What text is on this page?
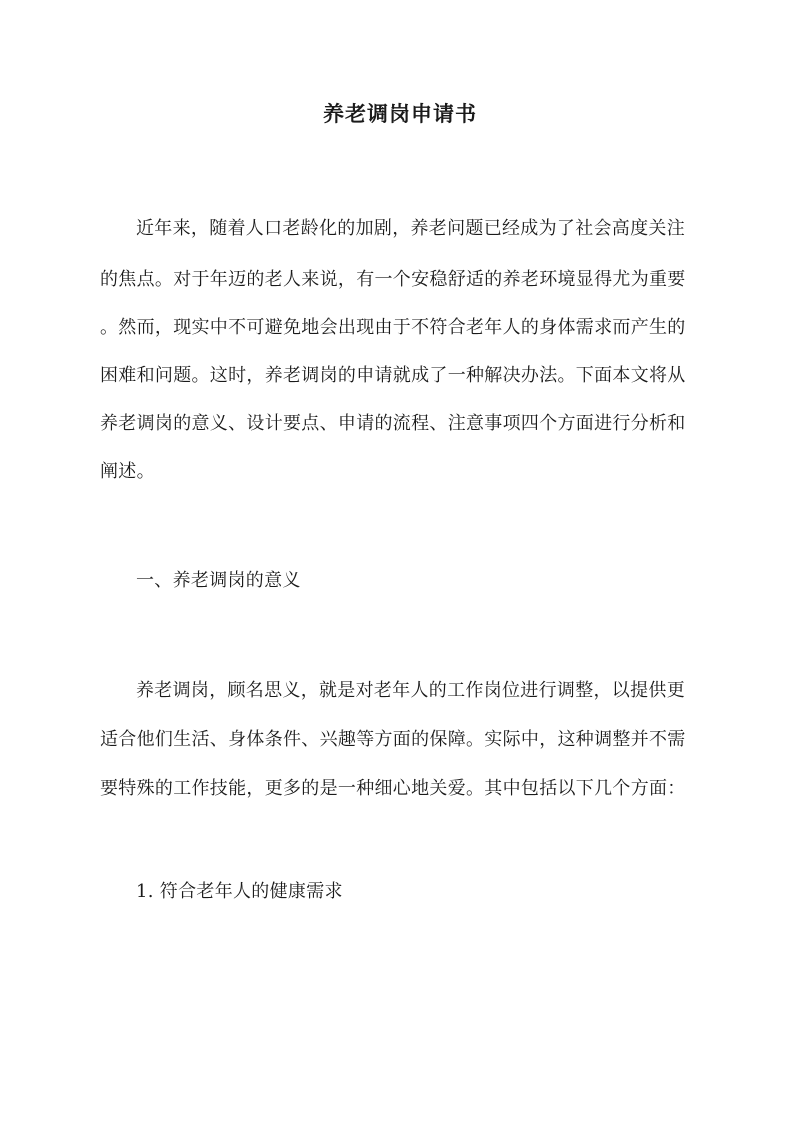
养老调岗申请书
近年来，随着人口老龄化的加剧，养老问题已经成为了社会高度关注
的焦点。对于年迈的老人来说，有一个安稳舒适的养老环境显得尤为重要
。然而，现实中不可避免地会出现由于不符合老年人的身体需求而产生的
困难和问题。这时，养老调岗的申请就成了一种解决办法。下面本文将从
养老调岗的意义、设计要点、申请的流程、注意事项四个方面进行分析和
阐述。
一、养老调岗的意义
养老调岗，顾名思义，就是对老年人的工作岗位进行调整，以提供更
适合他们生活、身体条件、兴趣等方面的保障。实际中，这种调整并不需
要特殊的工作技能，更多的是一种细心地关爱。其中包括以下几个方面：
1. 符合老年人的健康需求
